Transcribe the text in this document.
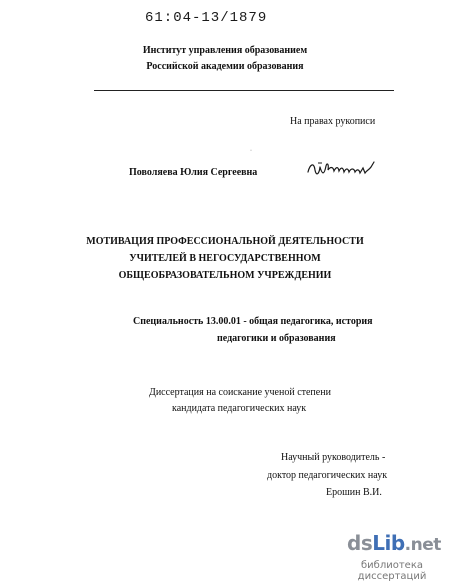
61:04-13/1879
Институт управления образованием
Российской академии образования
На правах рукописи
·
Поволяева Юлия Сергеевна
МОТИВАЦИЯ ПРОФЕССИОНАЛЬНОЙ ДЕЯТЕЛЬНОСТИ
УЧИТЕЛЕЙ В НЕГОСУДАРСТВЕННОМ
ОБЩЕОБРАЗОВАТЕЛЬНОМ УЧРЕЖДЕНИИ
Специальность 13.00.01 - общая педагогика, история
педагогики и образования
Диссертация на соискание ученой степени
кандидата педагогических наук
Научный руководитель -
доктор педагогических наук
Ерошин В.И.
dsLib.net
библиотека диссертаций
